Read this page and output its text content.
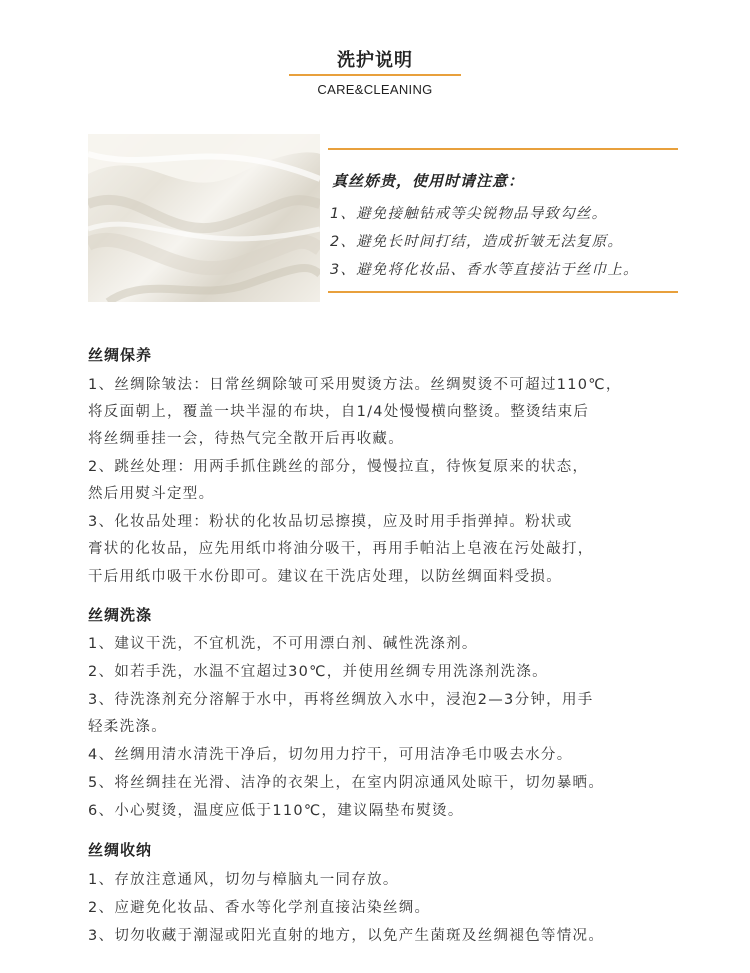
洗护说明
CARE&CLEANING
真丝娇贵，使用时请注意：
1、避免接触钻戒等尖锐物品导致勾丝。
2、避免长时间打结，造成折皱无法复原。
3、避免将化妆品、香水等直接沾于丝巾上。
丝绸保养
1、丝绸除皱法：日常丝绸除皱可采用熨烫方法。丝绸熨烫不可超过110℃，
将反面朝上，覆盖一块半湿的布块，自1/4处慢慢横向整烫。整烫结束后
将丝绸垂挂一会，待热气完全散开后再收藏。
2、跳丝处理：用两手抓住跳丝的部分，慢慢拉直，待恢复原来的状态，
然后用熨斗定型。
3、化妆品处理：粉状的化妆品切忌擦摸，应及时用手指弹掉。粉状或
膏状的化妆品，应先用纸巾将油分吸干，再用手帕沾上皂液在污处敲打，
干后用纸巾吸干水份即可。建议在干洗店处理，以防丝绸面料受损。
丝绸洗涤
1、建议干洗，不宜机洗，不可用漂白剂、碱性洗涤剂。
2、如若手洗，水温不宜超过30℃，并使用丝绸专用洗涤剂洗涤。
3、待洗涤剂充分溶解于水中，再将丝绸放入水中，浸泡2—3分钟，用手
轻柔洗涤。
4、丝绸用清水清洗干净后，切勿用力拧干，可用洁净毛巾吸去水分。
5、将丝绸挂在光滑、洁净的衣架上，在室内阴凉通风处晾干，切勿暴晒。
6、小心熨烫，温度应低于110℃，建议隔垫布熨烫。
丝绸收纳
1、存放注意通风，切勿与樟脑丸一同存放。
2、应避免化妆品、香水等化学剂直接沾染丝绸。
3、切勿收藏于潮湿或阳光直射的地方，以免产生菌斑及丝绸褪色等情况。
